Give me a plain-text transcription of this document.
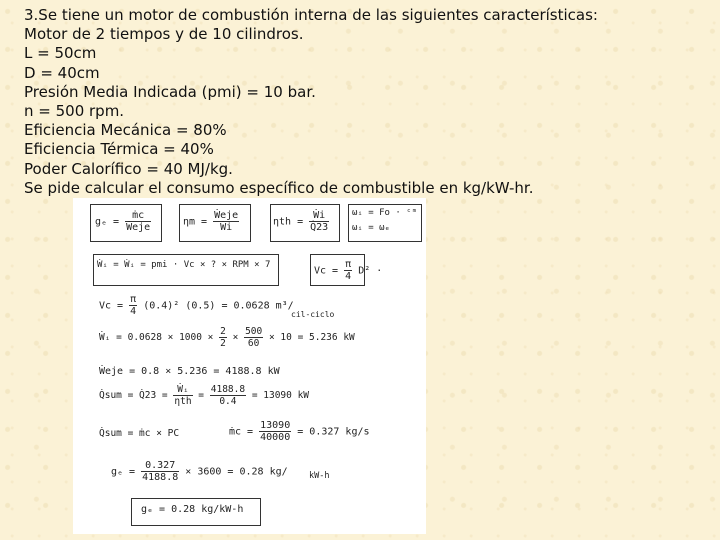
3.Se tiene un motor de combustión interna de las siguientes características:
Motor de 2 tiempos y de 10 cilindros.
L = 50cm
D = 40cm
Presión Media Indicada (pmi) = 10 bar.
n = 500 rpm.
Eficiencia Mecánica = 80%
Eficiencia Térmica = 40%
Poder Calorífico = 40 MJ/kg.
Se pide calcular el consumo específico de combustible en kg/kW-hr.
$g_e = \frac{\text{ṁc}}{\text{Ẇeje}}$	$\eta m = \frac{\text{Ẇeje}}{\text{Ẇi}}$	$\eta th = \frac{\text{Ẇi}}{Q̇23}$	ωᵢ = Fo · ᶜᵐ
ωᵢ = ωₑ
Ẇᵢ = Ẇᵢ = pmi · Vc × ? × RPM × 7
$Vc = \frac{\pi}{4} D^2$ ·
$Vc = \frac{\pi}{4} (0.4)^2$ (0.5) = 0.0628 m³/
cil-ciclo
Ẇᵢ = $0.0628 \times 1000 \times \frac{2}{2} \times \frac{500}{60} \times 10 = 5.236$ kW
Ẇeje = 0.8 × 5.236 = 4188.8 kW
Q̇sum = Q̇23 = $\frac{\text{Ẇᵢ}}{\text{ηth}} = \frac{4188.8}{0.4} = 13090$ kW
Q̇sum = ṁc × PC	ṁc = $\frac{13090}{40000} = 0.327$ kg/s
$g_e = \frac{0.327}{4188.8} \times 3600 = 0.28$ kg/	kW-h
gₑ = 0.28 kg/kW-h
